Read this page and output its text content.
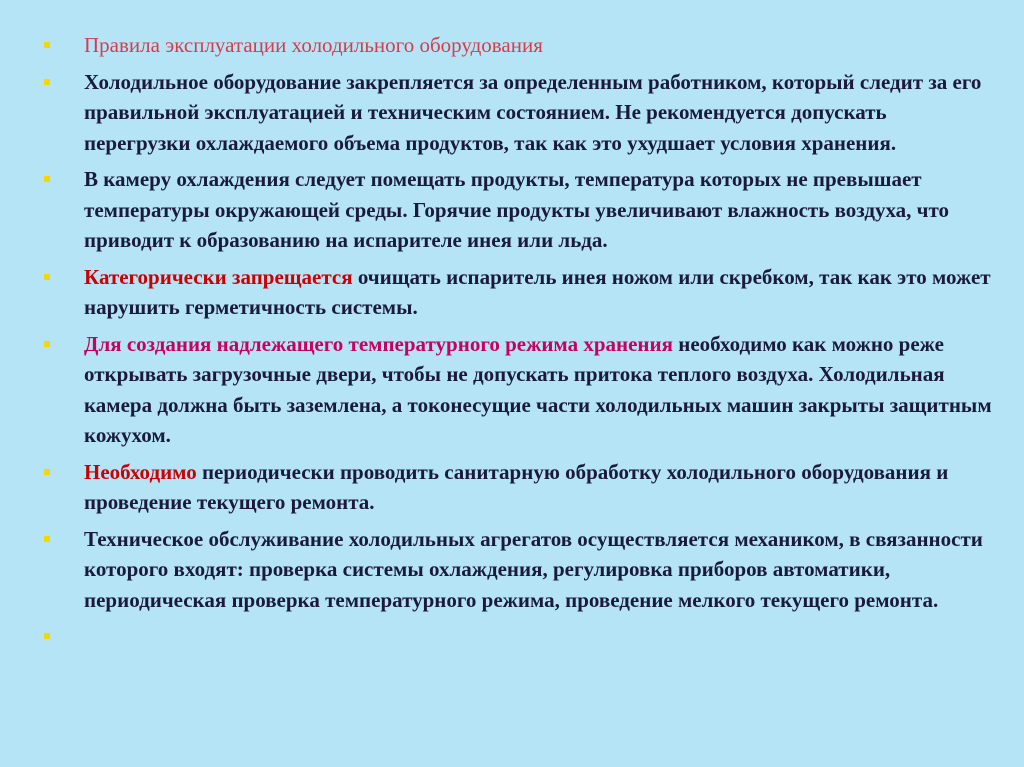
Правила эксплуатации холодильного оборудования
Холодильное оборудование закрепляется за определенным работником, который следит за его правильной эксплуатацией и техническим состоянием. Не рекомендуется допускать перегрузки охлаждаемого объема продуктов, так как это ухудшает условия хранения.
В камеру охлаждения следует помещать продукты, температура которых не превышает температуры окружающей среды. Горячие продукты увеличивают влажность воздуха, что приводит к образованию на испарителе инея или льда.
Категорически запрещается очищать испаритель инея ножом или скребком, так как это может нарушить герметичность системы.
Для создания надлежащего температурного режима хранения необходимо как можно реже открывать загрузочные двери, чтобы не допускать притока теплого воздуха. Холодильная камера должна быть заземлена, а токонесущие части холодильных машин закрыты защитным кожухом.
Необходимо периодически проводить санитарную обработку холодильного оборудования и проведение текущего ремонта.
Техническое обслуживание холодильных агрегатов осуществляется механиком, в связанности которого входят: проверка системы охлаждения, регулировка приборов автоматики, периодическая проверка температурного режима, проведение мелкого текущего ремонта.
